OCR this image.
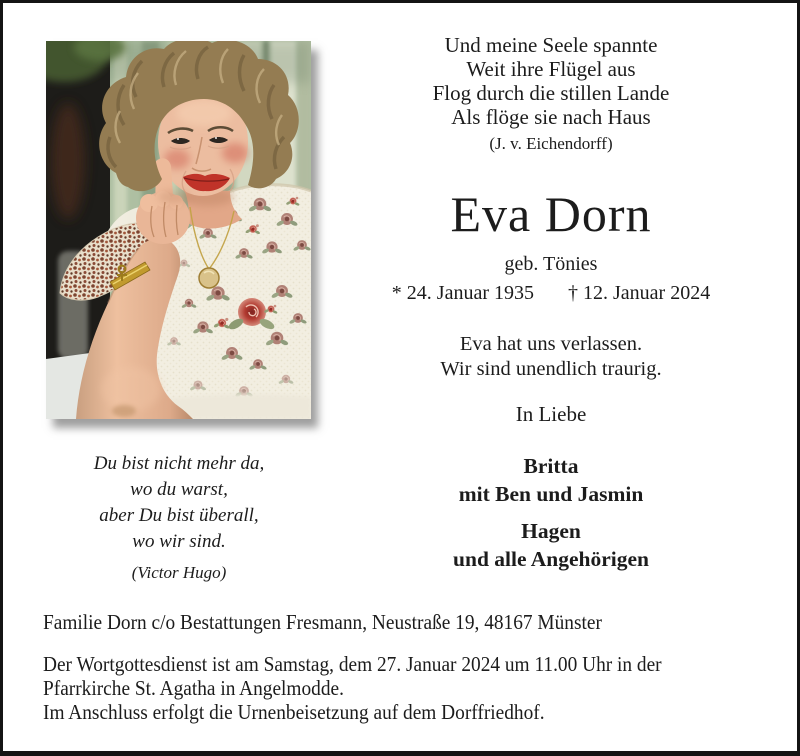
Und meine Seele spannte
Weit ihre Flügel aus
Flog durch die stillen Lande
Als flöge sie nach Haus
(J. v. Eichendorff)
Eva Dorn
geb. Tönies
* 24. Januar 1935 † 12. Januar 2024
Eva hat uns verlassen.
Wir sind unendlich traurig.
In Liebe
Britta
mit Ben und Jasmin
Hagen
und alle Angehörigen
Du bist nicht mehr da,
wo du warst,
aber Du bist überall,
wo wir sind.
(Victor Hugo)
Familie Dorn c/o Bestattungen Fresmann, Neustraße 19, 48167 Münster
Der Wortgottesdienst ist am Samstag, dem 27. Januar 2024 um 11.00 Uhr in der
Pfarrkirche St. Agatha in Angelmodde.
Im Anschluss erfolgt die Urnenbeisetzung auf dem Dorffriedhof.
